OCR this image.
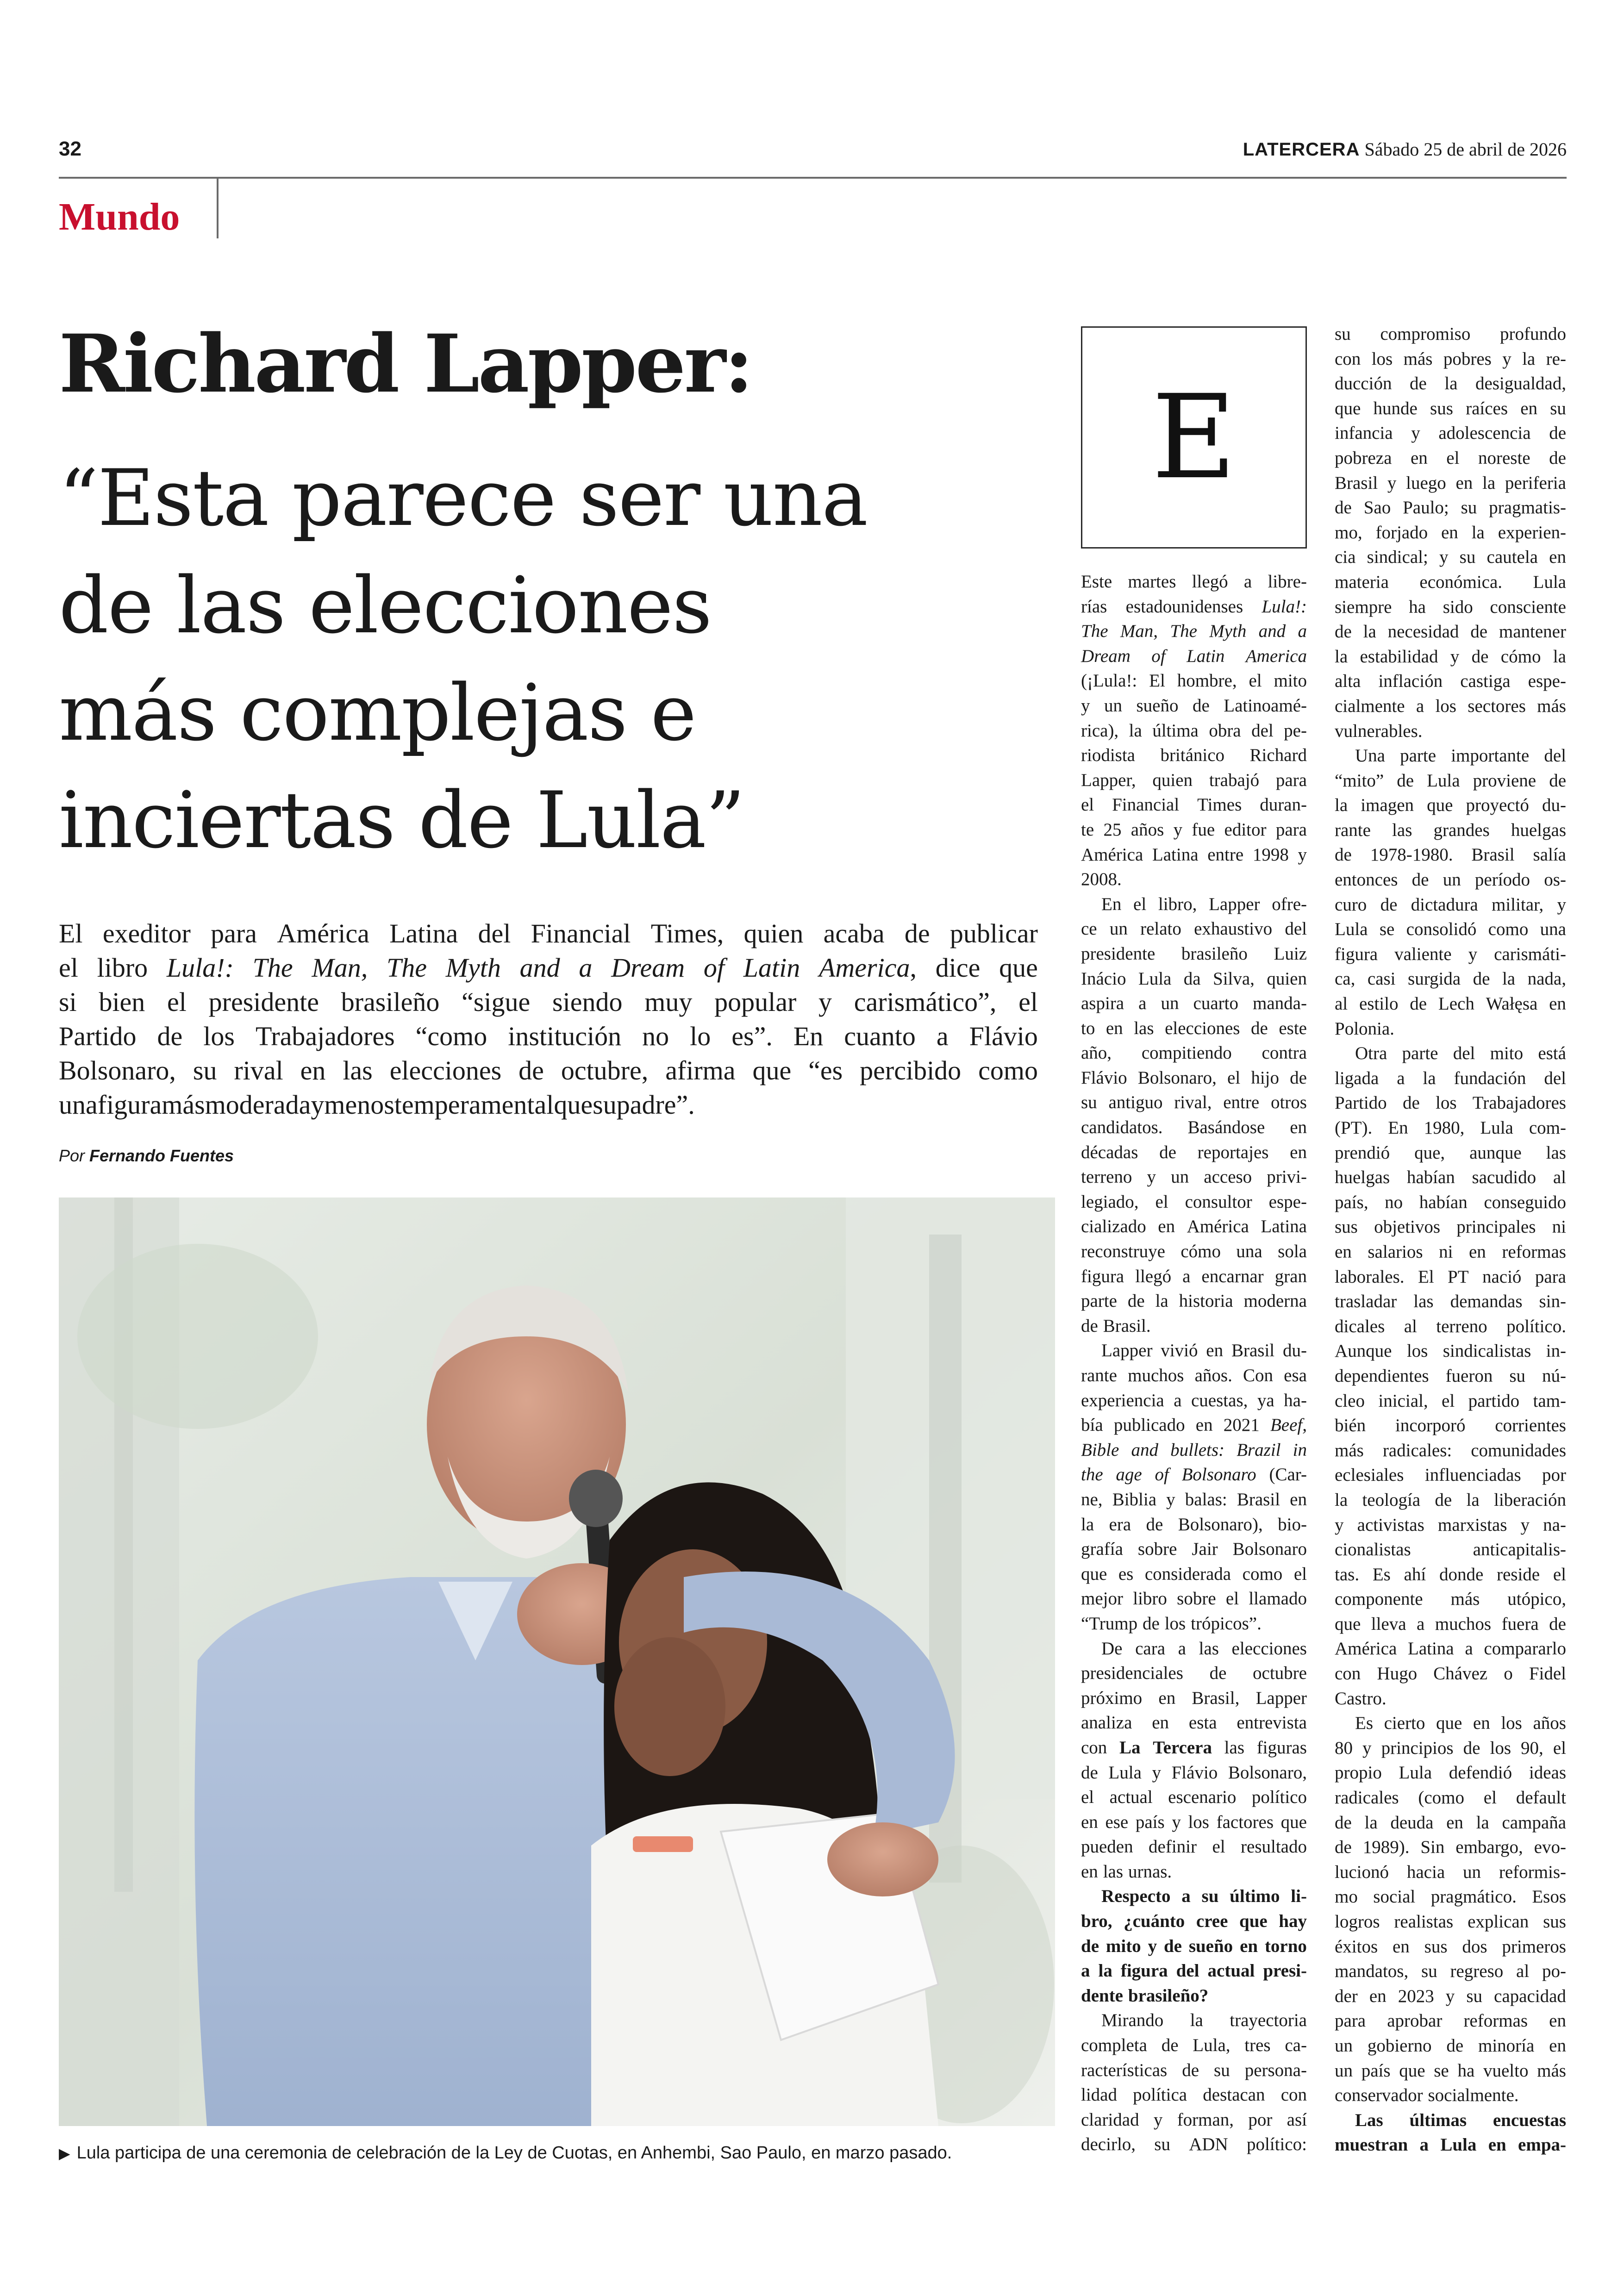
32	LATERCERA Sábado 25 de abril de 2026
Mundo
Richard Lapper:
“Esta parece ser una
de las elecciones
más complejas e
inciertas de Lula”
El exeditor para América Latina del Financial Times, quien acaba de publicar
el libro Lula!: The Man, The Myth and a Dream of Latin America, dice que
si bien el presidente brasileño “sigue siendo muy popular y carismático”, el
Partido de los Trabajadores “como institución no lo es”. En cuanto a Flávio
Bolsonaro, su rival en las elecciones de octubre, afirma que “es percibido como
unafiguramásmoderadaymenostemperamentalquesupadre”.
Por Fernando Fuentes
▶ Lula participa de una ceremonia de celebración de la Ley de Cuotas, en Anhembi, Sao Paulo, en marzo pasado.
E
Este martes llegó a libre-
rías estadounidenses Lula!:
The Man, The Myth and a
Dream of Latin America
(¡Lula!: El hombre, el mito
y un sueño de Latinoamé-
rica), la última obra del pe-
riodista británico Richard
Lapper, quien trabajó para
el Financial Times duran-
te 25 años y fue editor para
América Latina entre 1998 y
2008.
En el libro, Lapper ofre-
ce un relato exhaustivo del
presidente brasileño Luiz
Inácio Lula da Silva, quien
aspira a un cuarto manda-
to en las elecciones de este
año, compitiendo contra
Flávio Bolsonaro, el hijo de
su antiguo rival, entre otros
candidatos. Basándose en
décadas de reportajes en
terreno y un acceso privi-
legiado, el consultor espe-
cializado en América Latina
reconstruye cómo una sola
figura llegó a encarnar gran
parte de la historia moderna
de Brasil.
Lapper vivió en Brasil du-
rante muchos años. Con esa
experiencia a cuestas, ya ha-
bía publicado en 2021 Beef,
Bible and bullets: Brazil in
the age of Bolsonaro (Car-
ne, Biblia y balas: Brasil en
la era de Bolsonaro), bio-
grafía sobre Jair Bolsonaro
que es considerada como el
mejor libro sobre el llamado
“Trump de los trópicos”.
De cara a las elecciones
presidenciales de octubre
próximo en Brasil, Lapper
analiza en esta entrevista
con La Tercera las figuras
de Lula y Flávio Bolsonaro,
el actual escenario político
en ese país y los factores que
pueden definir el resultado
en las urnas.
Respecto a su último li-
bro, ¿cuánto cree que hay
de mito y de sueño en torno
a la figura del actual presi-
dente brasileño?
Mirando la trayectoria
completa de Lula, tres ca-
racterísticas de su persona-
lidad política destacan con
claridad y forman, por así
decirlo, su ADN político:
su compromiso profundo
con los más pobres y la re-
ducción de la desigualdad,
que hunde sus raíces en su
infancia y adolescencia de
pobreza en el noreste de
Brasil y luego en la periferia
de Sao Paulo; su pragmatis-
mo, forjado en la experien-
cia sindical; y su cautela en
materia económica. Lula
siempre ha sido consciente
de la necesidad de mantener
la estabilidad y de cómo la
alta inflación castiga espe-
cialmente a los sectores más
vulnerables.
Una parte importante del
“mito” de Lula proviene de
la imagen que proyectó du-
rante las grandes huelgas
de 1978-1980. Brasil salía
entonces de un período os-
curo de dictadura militar, y
Lula se consolidó como una
figura valiente y carismáti-
ca, casi surgida de la nada,
al estilo de Lech Wałęsa en
Polonia.
Otra parte del mito está
ligada a la fundación del
Partido de los Trabajadores
(PT). En 1980, Lula com-
prendió que, aunque las
huelgas habían sacudido al
país, no habían conseguido
sus objetivos principales ni
en salarios ni en reformas
laborales. El PT nació para
trasladar las demandas sin-
dicales al terreno político.
Aunque los sindicalistas in-
dependientes fueron su nú-
cleo inicial, el partido tam-
bién incorporó corrientes
más radicales: comunidades
eclesiales influenciadas por
la teología de la liberación
y activistas marxistas y na-
cionalistas	anticapitalis-
tas. Es ahí donde reside el
componente más utópico,
que lleva a muchos fuera de
América Latina a compararlo
con Hugo Chávez o Fidel
Castro.
Es cierto que en los años
80 y principios de los 90, el
propio Lula defendió ideas
radicales (como el default
de la deuda en la campaña
de 1989). Sin embargo, evo-
lucionó hacia un reformis-
mo social pragmático. Esos
logros realistas explican sus
éxitos en sus dos primeros
mandatos, su regreso al po-
der en 2023 y su capacidad
para aprobar reformas en
un gobierno de minoría en
un país que se ha vuelto más
conservador socialmente.
Las últimas encuestas
muestran a Lula en empa-
